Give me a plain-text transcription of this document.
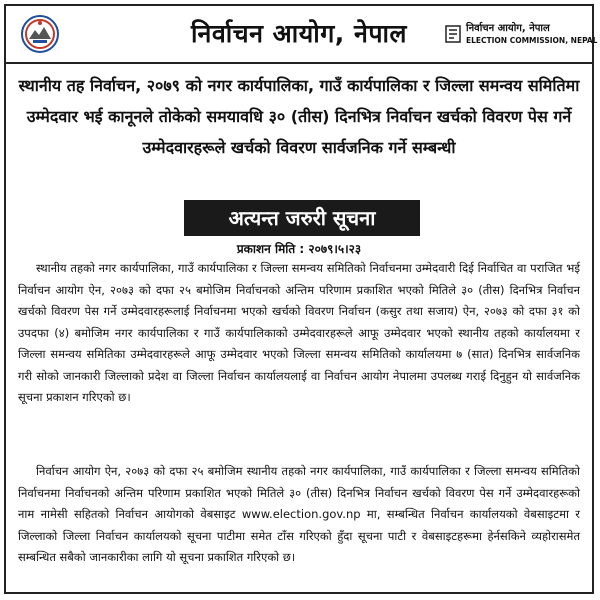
निर्वाचन आयोग, नेपाल	निर्वाचन आयोग, नेपाल
ELECTION COMMISSION, NEPAL
स्थानीय तह निर्वाचन, २०७९ को नगर कार्यपालिका, गाउँ कार्यपालिका र जिल्ला समन्वय समितिमा उम्मेदवार भई कानूनले तोकेको समयावधि ३० (तीस) दिनभित्र निर्वाचन खर्चको विवरण पेस गर्ने उम्मेदवारहरूले खर्चको विवरण सार्वजनिक गर्ने सम्बन्धी
अत्यन्त जरुरी सूचना
प्रकाशन मिति : २०७९।५।२३
स्थानीय तहको नगर कार्यपालिका, गाउँ कार्यपालिका र जिल्ला समन्वय समितिको निर्वाचनमा उम्मेदवारी दिई निर्वाचित वा पराजित भई निर्वाचन आयोग ऐन, २०७३ को दफा २५ बमोजिम निर्वाचनको अन्तिम परिणाम प्रकाशित भएको मितिले ३० (तीस) दिनभित्र निर्वाचन खर्चको विवरण पेस गर्ने उम्मेदवारहरूलाई निर्वाचनमा भएको खर्चको विवरण निर्वाचन (कसुर तथा सजाय) ऐन, २०७३ को दफा ३१ को उपदफा (४) बमोजिम नगर कार्यपालिका र गाउँ कार्यपालिकाको उम्मेदवारहरूले आफू उम्मेदवार भएको स्थानीय तहको कार्यालयमा र जिल्ला समन्वय समितिका उम्मेदवारहरूले आफू उम्मेदवार भएको जिल्ला समन्वय समितिको कार्यालयमा ७ (सात) दिनभित्र सार्वजनिक गरी सोको जानकारी जिल्लाको प्रदेश वा जिल्ला निर्वाचन कार्यालयलाई वा निर्वाचन आयोग नेपालमा उपलब्ध गराई दिनुहुन यो सार्वजनिक सूचना प्रकाशन गरिएको छ।
निर्वाचन आयोग ऐन, २०७३ को दफा २५ बमोजिम स्थानीय तहको नगर कार्यपालिका, गाउँ कार्यपालिका र जिल्ला समन्वय समितिको निर्वाचनमा निर्वाचनको अन्तिम परिणाम प्रकाशित भएको मितिले ३० (तीस) दिनभित्र निर्वाचन खर्चको विवरण पेस गर्ने उम्मेदवारहरूको नाम नामेसी सहितको निर्वाचन आयोगको वेबसाइट www.election.gov.np मा, सम्बन्धित निर्वाचन कार्यालयको वेबसाइटमा र जिल्लाको जिल्ला निर्वाचन कार्यालयको सूचना पाटीमा समेत टाँस गरिएको हुँदा सूचना पाटी र वेबसाइटहरूमा हेर्नसकिने व्यहोरासमेत सम्बन्धित सबैको जानकारीका लागि यो सूचना प्रकाशित गरिएको छ।
